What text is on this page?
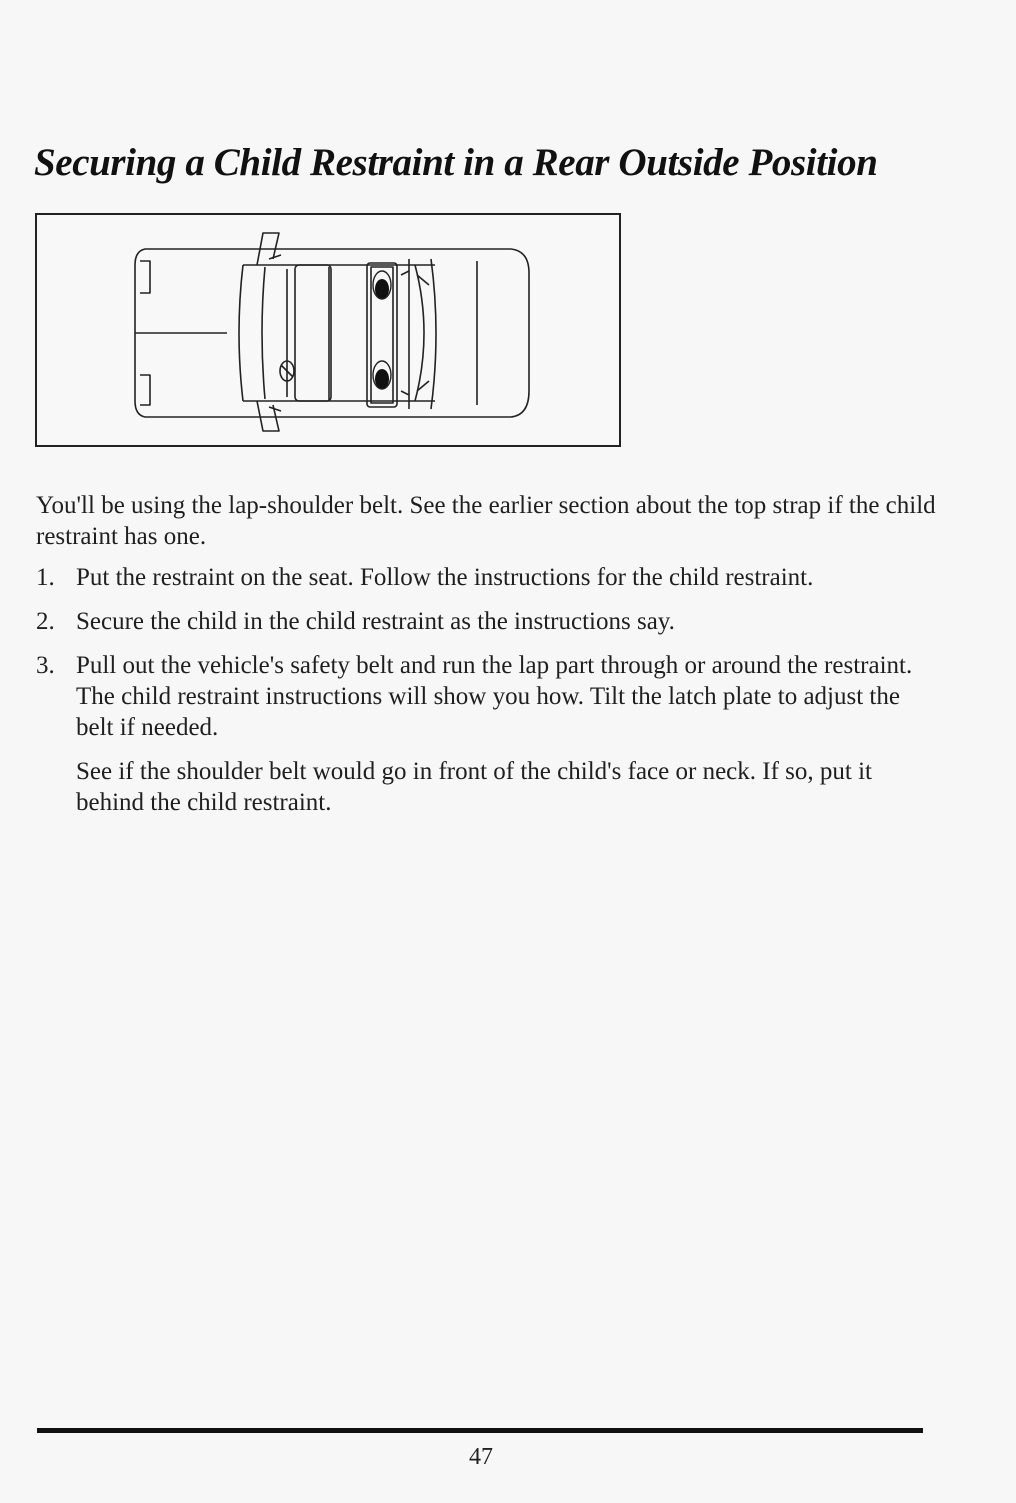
Securing a Child Restraint in a Rear Outside Position

You'll be using the lap-shoulder belt. See the earlier section about the top strap if the child restraint has one.

1. Put the restraint on the seat. Follow the instructions for the child restraint.
2. Secure the child in the child restraint as the instructions say.
3. Pull out the vehicle's safety belt and run the lap part through or around the restraint. The child restraint instructions will show you how. Tilt the latch plate to adjust the belt if needed.

See if the shoulder belt would go in front of the child's face or neck. If so, put it behind the child restraint.

47
